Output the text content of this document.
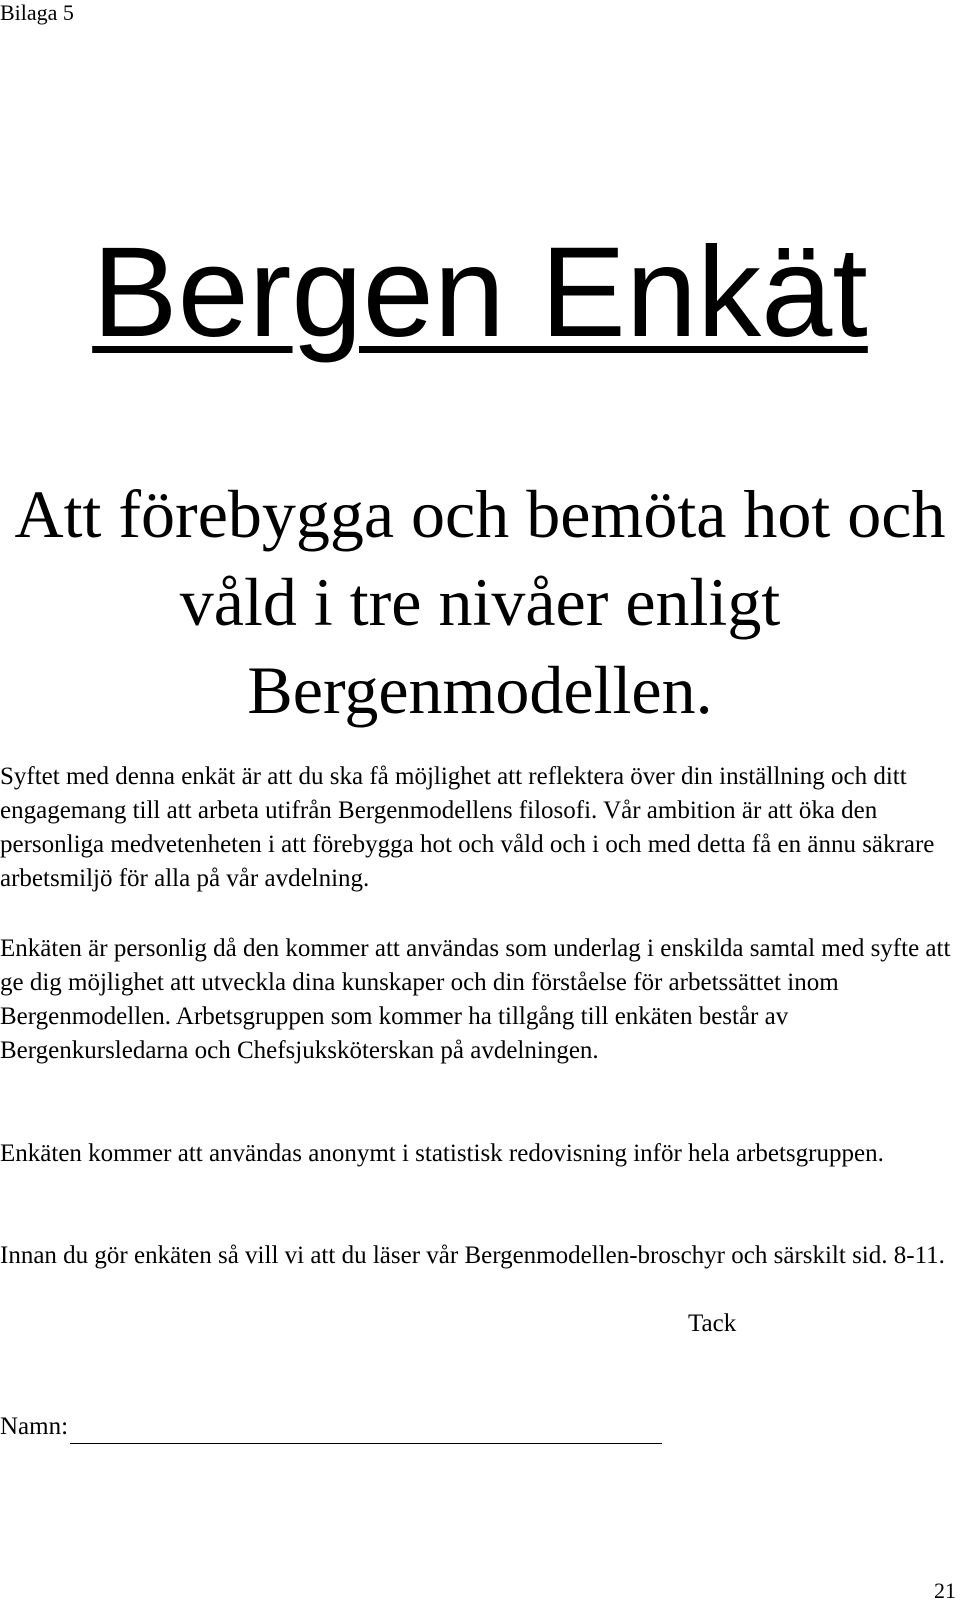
Bilaga 5
Bergen Enkät
Att förebygga och bemöta hot och våld i tre nivåer enligt Bergenmodellen.

Syftet med denna enkät är att du ska få möjlighet att reflektera över din inställning och ditt engagemang till att arbeta utifrån Bergenmodellens filosofi. Vår ambition är att öka den personliga medvetenheten i att förebygga hot och våld och i och med detta få en ännu säkrare arbetsmiljö för alla på vår avdelning.

Enkäten är personlig då den kommer att användas som underlag i enskilda samtal med syfte att ge dig möjlighet att utveckla dina kunskaper och din förståelse för arbetssättet inom Bergenmodellen. Arbetsgruppen som kommer ha tillgång till enkäten består av Bergenkursledarna och Chefsjuksköterskan på avdelningen.

Enkäten kommer att användas anonymt i statistisk redovisning inför hela arbetsgruppen.

Innan du gör enkäten så vill vi att du läser vår Bergenmodellen-broschyr och särskilt sid. 8-11.

Tack
Namn:
21
